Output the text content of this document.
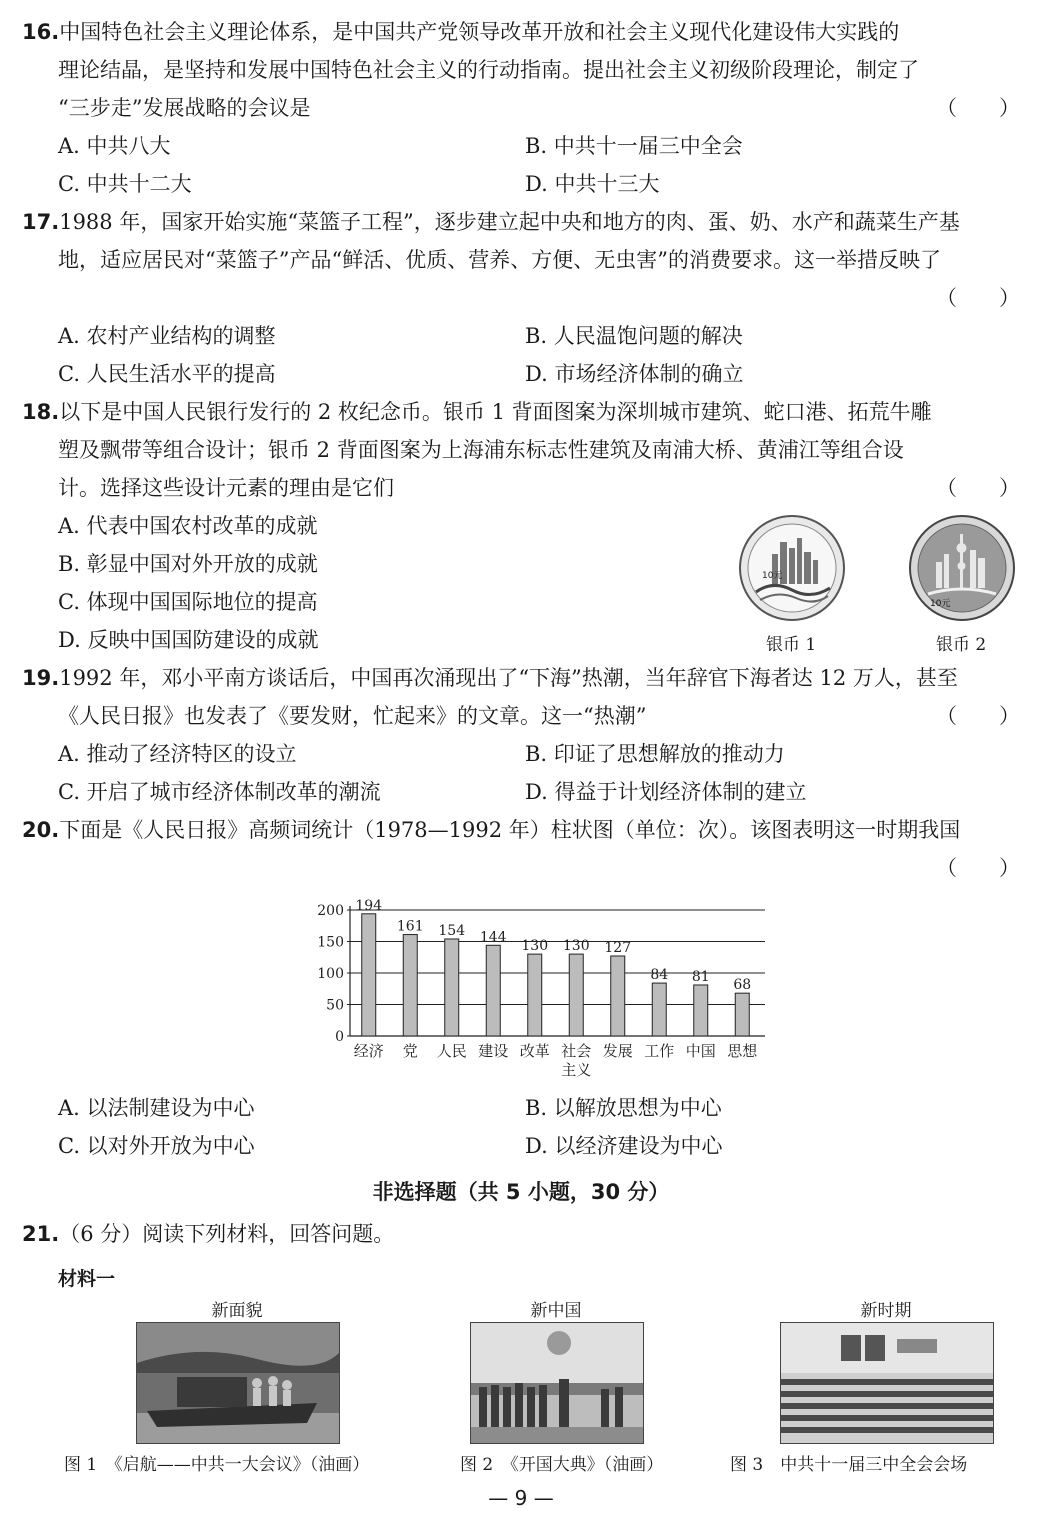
16.中国特色社会主义理论体系，是中国共产党领导改革开放和社会主义现代化建设伟大实践的
理论结晶，是坚持和发展中国特色社会主义的行动指南。提出社会主义初级阶段理论，制定了
“三步走”发展战略的会议是	（　　）
A. 中共八大	B. 中共十一届三中全会
C. 中共十二大	D. 中共十三大
17.1988 年，国家开始实施“菜篮子工程”，逐步建立起中央和地方的肉、蛋、奶、水产和蔬菜生产基
地，适应居民对“菜篮子”产品“鲜活、优质、营养、方便、无虫害”的消费要求。这一举措反映了
（　　）
A. 农村产业结构的调整	B. 人民温饱问题的解决
C. 人民生活水平的提高	D. 市场经济体制的确立
18.以下是中国人民银行发行的 2 枚纪念币。银币 1 背面图案为深圳城市建筑、蛇口港、拓荒牛雕
塑及飘带等组合设计；银币 2 背面图案为上海浦东标志性建筑及南浦大桥、黄浦江等组合设
计。选择这些设计元素的理由是它们	（　　）
A. 代表中国农村改革的成就
B. 彰显中国对外开放的成就
C. 体现中国国际地位的提高
D. 反映中国国防建设的成就
10元
10元
银币 1	银币 2
19.1992 年，邓小平南方谈话后，中国再次涌现出了“下海”热潮，当年辞官下海者达 12 万人，甚至
《人民日报》也发表了《要发财，忙起来》的文章。这一“热潮”	（　　）
A. 推动了经济特区的设立	B. 印证了思想解放的推动力
C. 开启了城市经济体制改革的潮流	D. 得益于计划经济体制的建立
20.下面是《人民日报》高频词统计（1978—1992 年）柱状图（单位：次）。该图表明这一时期我国
（　　）
0
50
100
150
200 194
经济
161
党
154
人民
144
建设
130
改革
130
社会主义
127
发展
84
工作
81
中国
68
思想
A. 以法制建设为中心	B. 以解放思想为中心
C. 以对外开放为中心	D. 以经济建设为中心
非选择题（共 5 小题，30 分）
21.（6 分）阅读下列材料，回答问题。
材料一
新面貌	新中国	新时期
图 1　《启航——中共一大会议》（油画）	图 2　《开国大典》（油画）	图 3　中共十一届三中全会会场
— 9 —
